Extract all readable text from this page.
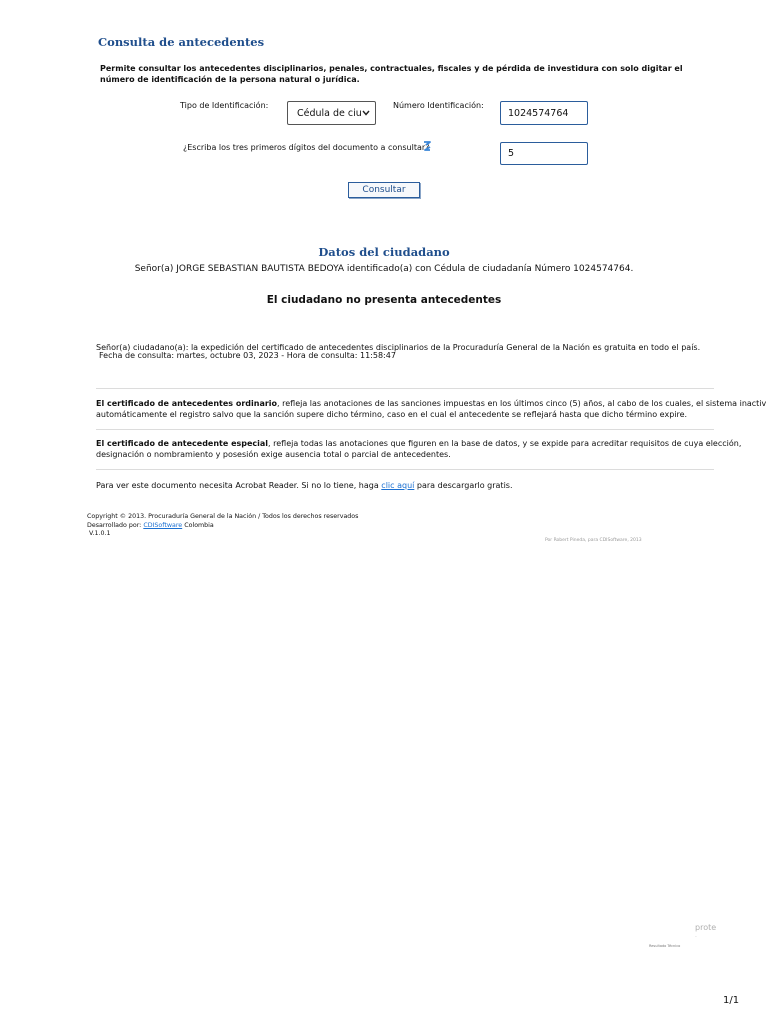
Consulta de antecedentes
Permite consultar los antecedentes disciplinarios, penales, contractuales, fiscales y de pérdida de investidura con solo digitar el número de identificación de la persona natural o jurídica.
Tipo de Identificación:
Cédula de ciu
Número Identificación:
1024574764
¿Escriba los tres primeros dígitos del documento a consultar?
5
Consultar
Datos del ciudadano
Señor(a) JORGE SEBASTIAN BAUTISTA BEDOYA identificado(a) con Cédula de ciudadanía Número 1024574764.
El ciudadano no presenta antecedentes
Señor(a) ciudadano(a): la expedición del certificado de antecedentes disciplinarios de la Procuraduría General de la Nación es gratuita en todo el país.
Fecha de consulta: martes, octubre 03, 2023 - Hora de consulta: 11:58:47
El certificado de antecedentes ordinario, refleja las anotaciones de las sanciones impuestas en los últimos cinco (5) años, al cabo de los cuales, el sistema inactiv
automáticamente el registro salvo que la sanción supere dicho término, caso en el cual el antecedente se reflejará hasta que dicho término expire.
El certificado de antecedente especial, refleja todas las anotaciones que figuren en la base de datos, y se expide para acreditar requisitos de cuya elección,
designación o nombramiento y posesión exige ausencia total o parcial de antecedentes.
Para ver este documento necesita Acrobat Reader. Si no lo tiene, haga clic aquí para descargarlo gratis.
Copyright © 2013. Procuraduría General de la Nación / Todos los derechos reservados
Desarrollado por: CDISoftware Colombia
V.1.0.1
Por Robert Pineda, para CDISoftware, 2013
prote
·
Resultado Técnico
1/1
